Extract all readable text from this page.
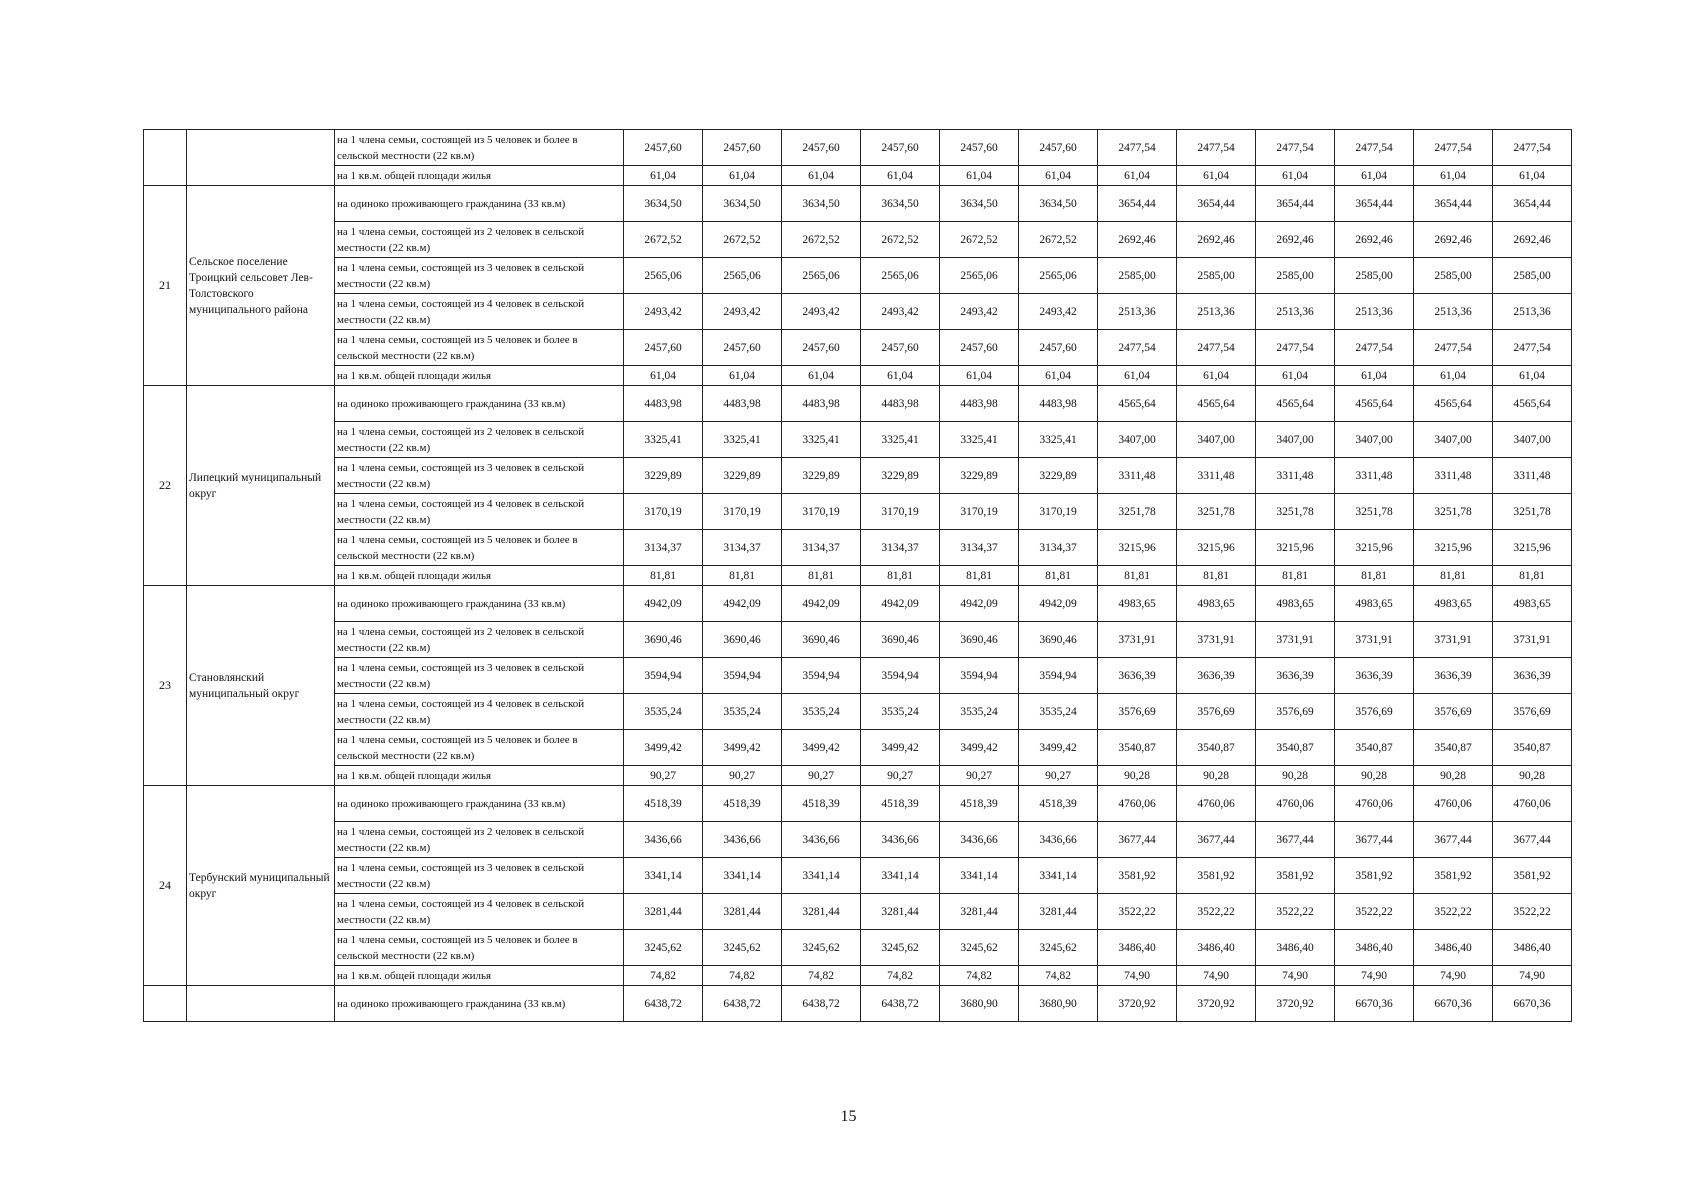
		на 1 члена семьи, состоящей из 5 человек и более в сельской местности (22 кв.м)	2457,60	2457,60	2457,60	2457,60	2457,60	2457,60	2477,54	2477,54	2477,54	2477,54	2477,54	2477,54
		на 1 кв.м. общей площади жилья	61,04	61,04	61,04	61,04	61,04	61,04	61,04	61,04	61,04	61,04	61,04	61,04
21	Сельское поселение Троицкий сельсовет Лев-Толстовского муниципального района	на одиноко проживающего гражданина (33 кв.м)	3634,50	3634,50	3634,50	3634,50	3634,50	3634,50	3654,44	3654,44	3654,44	3654,44	3654,44	3654,44
		на 1 члена семьи, состоящей из 2 человек в сельской местности (22 кв.м)	2672,52	2672,52	2672,52	2672,52	2672,52	2672,52	2692,46	2692,46	2692,46	2692,46	2692,46	2692,46
		на 1 члена семьи, состоящей из 3 человек в сельской местности (22 кв.м)	2565,06	2565,06	2565,06	2565,06	2565,06	2565,06	2585,00	2585,00	2585,00	2585,00	2585,00	2585,00
		на 1 члена семьи, состоящей из 4 человек в сельской местности (22 кв.м)	2493,42	2493,42	2493,42	2493,42	2493,42	2493,42	2513,36	2513,36	2513,36	2513,36	2513,36	2513,36
		на 1 члена семьи, состоящей из 5 человек и более в сельской местности (22 кв.м)	2457,60	2457,60	2457,60	2457,60	2457,60	2457,60	2477,54	2477,54	2477,54	2477,54	2477,54	2477,54
		на 1 кв.м. общей площади жилья	61,04	61,04	61,04	61,04	61,04	61,04	61,04	61,04	61,04	61,04	61,04	61,04
22	Липецкий муниципальный округ	на одиноко проживающего гражданина (33 кв.м)	4483,98	4483,98	4483,98	4483,98	4483,98	4483,98	4565,64	4565,64	4565,64	4565,64	4565,64	4565,64
		на 1 члена семьи, состоящей из 2 человек в сельской местности (22 кв.м)	3325,41	3325,41	3325,41	3325,41	3325,41	3325,41	3407,00	3407,00	3407,00	3407,00	3407,00	3407,00
		на 1 члена семьи, состоящей из 3 человек в сельской местности (22 кв.м)	3229,89	3229,89	3229,89	3229,89	3229,89	3229,89	3311,48	3311,48	3311,48	3311,48	3311,48	3311,48
		на 1 члена семьи, состоящей из 4 человек в сельской местности (22 кв.м)	3170,19	3170,19	3170,19	3170,19	3170,19	3170,19	3251,78	3251,78	3251,78	3251,78	3251,78	3251,78
		на 1 члена семьи, состоящей из 5 человек и более в сельской местности (22 кв.м)	3134,37	3134,37	3134,37	3134,37	3134,37	3134,37	3215,96	3215,96	3215,96	3215,96	3215,96	3215,96
		на 1 кв.м. общей площади жилья	81,81	81,81	81,81	81,81	81,81	81,81	81,81	81,81	81,81	81,81	81,81	81,81
23	Становлянский муниципальный округ	на одиноко проживающего гражданина (33 кв.м)	4942,09	4942,09	4942,09	4942,09	4942,09	4942,09	4983,65	4983,65	4983,65	4983,65	4983,65	4983,65
		на 1 члена семьи, состоящей из 2 человек в сельской местности (22 кв.м)	3690,46	3690,46	3690,46	3690,46	3690,46	3690,46	3731,91	3731,91	3731,91	3731,91	3731,91	3731,91
		на 1 члена семьи, состоящей из 3 человек в сельской местности (22 кв.м)	3594,94	3594,94	3594,94	3594,94	3594,94	3594,94	3636,39	3636,39	3636,39	3636,39	3636,39	3636,39
		на 1 члена семьи, состоящей из 4 человек в сельской местности (22 кв.м)	3535,24	3535,24	3535,24	3535,24	3535,24	3535,24	3576,69	3576,69	3576,69	3576,69	3576,69	3576,69
		на 1 члена семьи, состоящей из 5 человек и более в сельской местности (22 кв.м)	3499,42	3499,42	3499,42	3499,42	3499,42	3499,42	3540,87	3540,87	3540,87	3540,87	3540,87	3540,87
		на 1 кв.м. общей площади жилья	90,27	90,27	90,27	90,27	90,27	90,27	90,28	90,28	90,28	90,28	90,28	90,28
24	Тербунский муниципальный округ	на одиноко проживающего гражданина (33 кв.м)	4518,39	4518,39	4518,39	4518,39	4518,39	4518,39	4760,06	4760,06	4760,06	4760,06	4760,06	4760,06
		на 1 члена семьи, состоящей из 2 человек в сельской местности (22 кв.м)	3436,66	3436,66	3436,66	3436,66	3436,66	3436,66	3677,44	3677,44	3677,44	3677,44	3677,44	3677,44
		на 1 члена семьи, состоящей из 3 человек в сельской местности (22 кв.м)	3341,14	3341,14	3341,14	3341,14	3341,14	3341,14	3581,92	3581,92	3581,92	3581,92	3581,92	3581,92
		на 1 члена семьи, состоящей из 4 человек в сельской местности (22 кв.м)	3281,44	3281,44	3281,44	3281,44	3281,44	3281,44	3522,22	3522,22	3522,22	3522,22	3522,22	3522,22
		на 1 члена семьи, состоящей из 5 человек и более в сельской местности (22 кв.м)	3245,62	3245,62	3245,62	3245,62	3245,62	3245,62	3486,40	3486,40	3486,40	3486,40	3486,40	3486,40
		на 1 кв.м. общей площади жилья	74,82	74,82	74,82	74,82	74,82	74,82	74,90	74,90	74,90	74,90	74,90	74,90
		на одиноко проживающего гражданина (33 кв.м)	6438,72	6438,72	6438,72	6438,72	3680,90	3680,90	3720,92	3720,92	3720,92	6670,36	6670,36	6670,36
15
